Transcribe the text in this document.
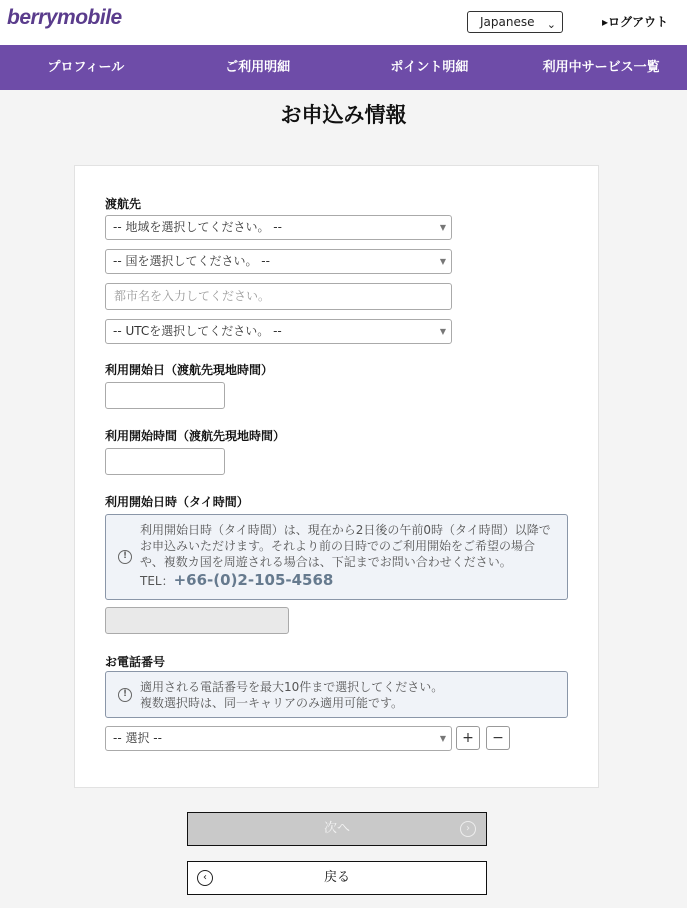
berrymobile	Japanese ⌄	▸ログアウト
プロフィール	ご利用明細	ポイント明細	利用中サービス一覧
お申込み情報
渡航先
-- 地域を選択してください。 --	▼
-- 国を選択してください。 --	▼
都市名を入力してください。
-- UTCを選択してください。 --	▼
利用開始日（渡航先現地時間）
利用開始時間（渡航先現地時間）
利用開始日時（タイ時間）
!

利用開始日時（タイ時間）は、現在から2日後の午前0時（タイ時間）以降で

お申込みいただけます。それより前の日時でのご利用開始をご希望の場合

や、複数カ国を周遊される場合は、下記までお問い合わせください。

TEL：+66-(0)2-105-4568

お電話番号
!	適用される電話番号を最大10件まで選択してください。

複数選択時は、同一キャリアのみ適用可能です。

-- 選択 --	▼	+	−
次へ	›
‹	戻る
